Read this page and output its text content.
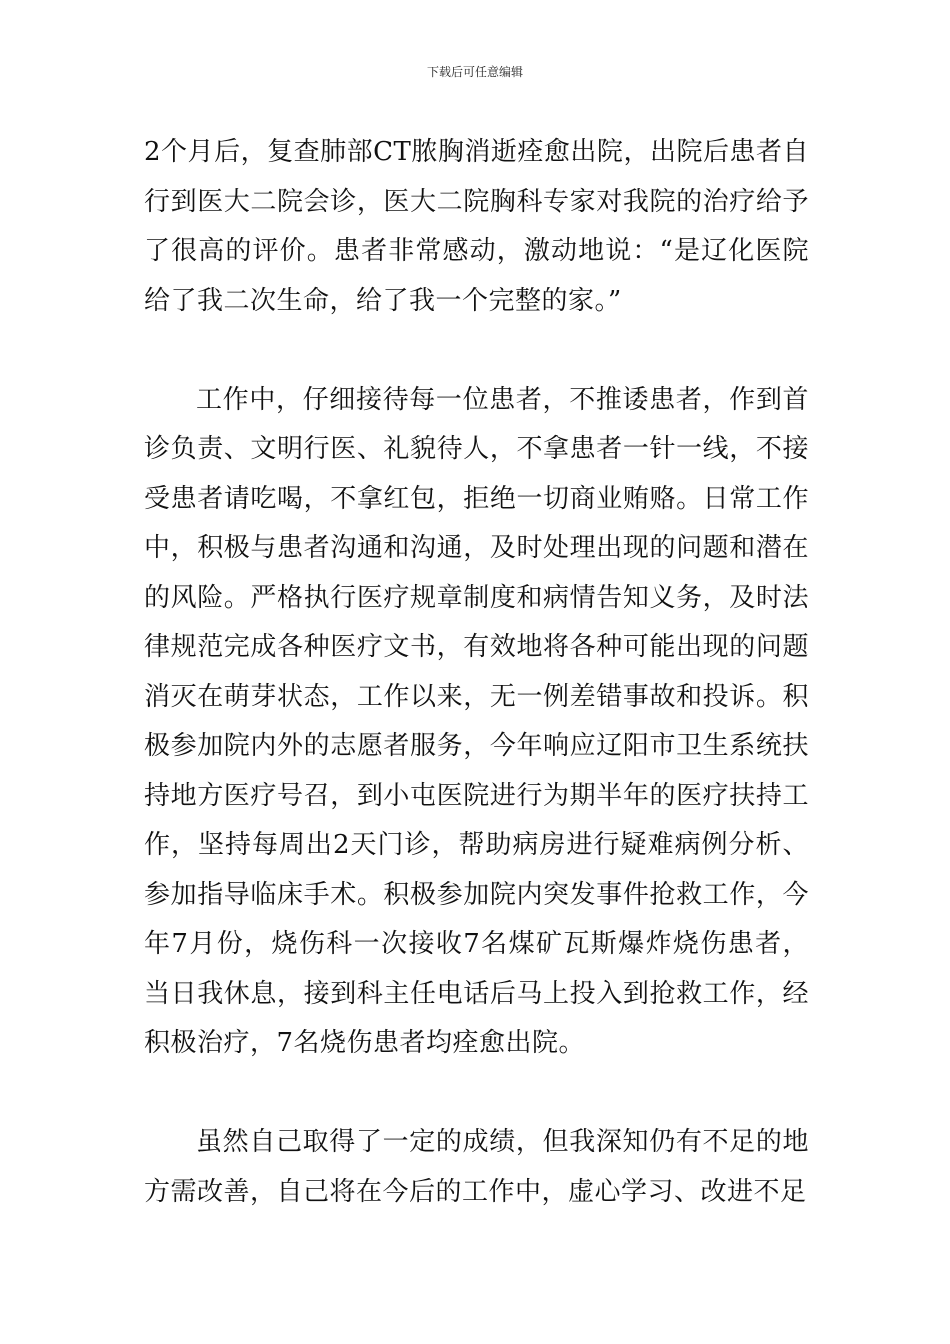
下载后可任意编辑

2个月后，复查肺部CT脓胸消逝痊愈出院，出院后患者自行到医大二院会诊，医大二院胸科专家对我院的治疗给予了很高的评价。患者非常感动，激动地说：“是辽化医院给了我二次生命，给了我一个完整的家。”

工作中，仔细接待每一位患者，不推诿患者，作到首诊负责、文明行医、礼貌待人，不拿患者一针一线，不接受患者请吃喝，不拿红包，拒绝一切商业贿赂。日常工作中，积极与患者沟通和沟通，及时处理出现的问题和潜在的风险。严格执行医疗规章制度和病情告知义务，及时法律规范完成各种医疗文书，有效地将各种可能出现的问题消灭在萌芽状态，工作以来，无一例差错事故和投诉。积极参加院内外的志愿者服务，今年响应辽阳市卫生系统扶持地方医疗号召，到小屯医院进行为期半年的医疗扶持工作，坚持每周出2天门诊，帮助病房进行疑难病例分析、参加指导临床手术。积极参加院内突发事件抢救工作，今年7月份，烧伤科一次接收7名煤矿瓦斯爆炸烧伤患者，当日我休息，接到科主任电话后马上投入到抢救工作，经积极治疗，7名烧伤患者均痊愈出院。

虽然自己取得了一定的成绩，但我深知仍有不足的地方需改善，自己将在今后的工作中，虚心学习、改进不足
